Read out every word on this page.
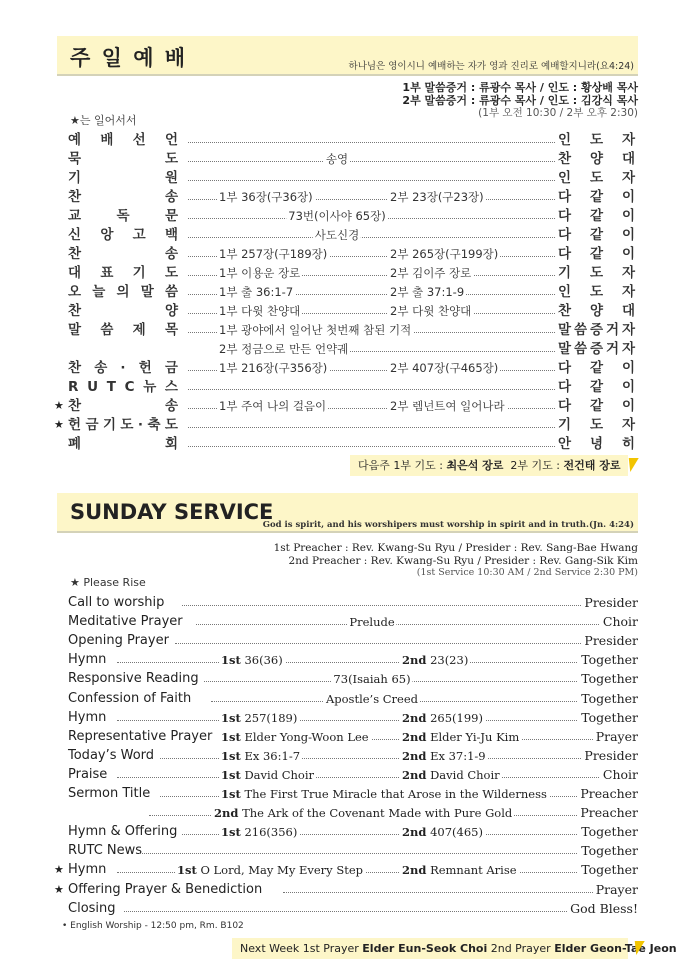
주 일 예 배	하나님은 영이시니 예배하는 자가 영과 진리로 예배할지니라(요4:24)
1부 말씀증거 : 류광수 목사 / 인도 : 황상배 목사
2부 말씀증거 : 류광수 목사 / 인도 : 김강식 목사
(1부 오전 10:30 / 2부 오후 2:30)
★는 일어서서
예 배 선 언	인 도 자
묵	도	송영	찬 양 대
기	원	인 도 자
찬	송	1부 36장(구36장)	2부 23장(구23장)	다 같 이
교	독	문	73번(이사야 65장)	다 같 이
신 앙 고 백	사도신경	다 같 이
찬	송	1부 257장(구189장)	2부 265장(구199장)	다 같 이
대 표 기 도	1부 이용운 장로	2부 김이주 장로	기 도 자
오 늘 의 말 씀	1부 출 36:1-7	2부 출 37:1-9	인 도 자
찬	양	1부 다윗 찬양대	2부 다윗 찬양대	찬 양 대
말 씀 제 목	1부 광야에서 일어난 첫번째 참된 기적	말 씀 증 거 자
2부 정금으로 만든 언약궤	말 씀 증 거 자
찬 송 · 헌 금	1부 216장(구356장)	2부 407장(구465장)	다 같 이
R U T C 뉴 스	다 같 이
★ 찬	송	1부 주여 나의 걸음이	2부 렘넌트여 일어나라	다 같 이
★ 헌 금 기 도 · 축 도	기 도 자
폐	회	안 녕 히
다음주 1부 기도 : 최은석 장로 2부 기도 : 전건태 장로
SUNDAY SERVICE
God is spirit, and his worshipers must worship in spirit and in truth.(Jn. 4:24)
1st Preacher : Rev. Kwang-Su Ryu / Presider : Rev. Sang-Bae Hwang
2nd Preacher : Rev. Kwang-Su Ryu / Presider : Rev. Gang-Sik Kim
(1st Service 10:30 AM / 2nd Service 2:30 PM)
★ Please Rise
Call to worship	Presider
Meditative Prayer	Prelude	Choir
Opening Prayer	Presider
Hymn	1st 36(36)	2nd 23(23)	Together
Responsive Reading	73(Isaiah 65)	Together
Confession of Faith	Apostle’s Creed	Together
Hymn	1st 257(189)	2nd 265(199)	Together
Representative Prayer 1st Elder Yong-Woon Lee	2nd Elder Yi-Ju Kim	Prayer
Today’s Word	1st Ex 36:1-7	2nd Ex 37:1-9	Presider
Praise	1st David Choir	2nd David Choir	Choir
Sermon Title	1st The First True Miracle that Arose in the Wilderness	Preacher
2nd The Ark of the Covenant Made with Pure Gold	Preacher
Hymn & Offering	1st 216(356)	2nd 407(465)	Together
RUTC News	Together
★ Hymn	1st O Lord, May My Every Step	2nd Remnant Arise	Together
★ Offering Prayer & Benediction	Prayer
Closing	God Bless!
• English Worship - 12:50 pm, Rm. B102
Next Week 1st Prayer Elder Eun-Seok Choi 2nd Prayer Elder Geon-Tae Jeon
